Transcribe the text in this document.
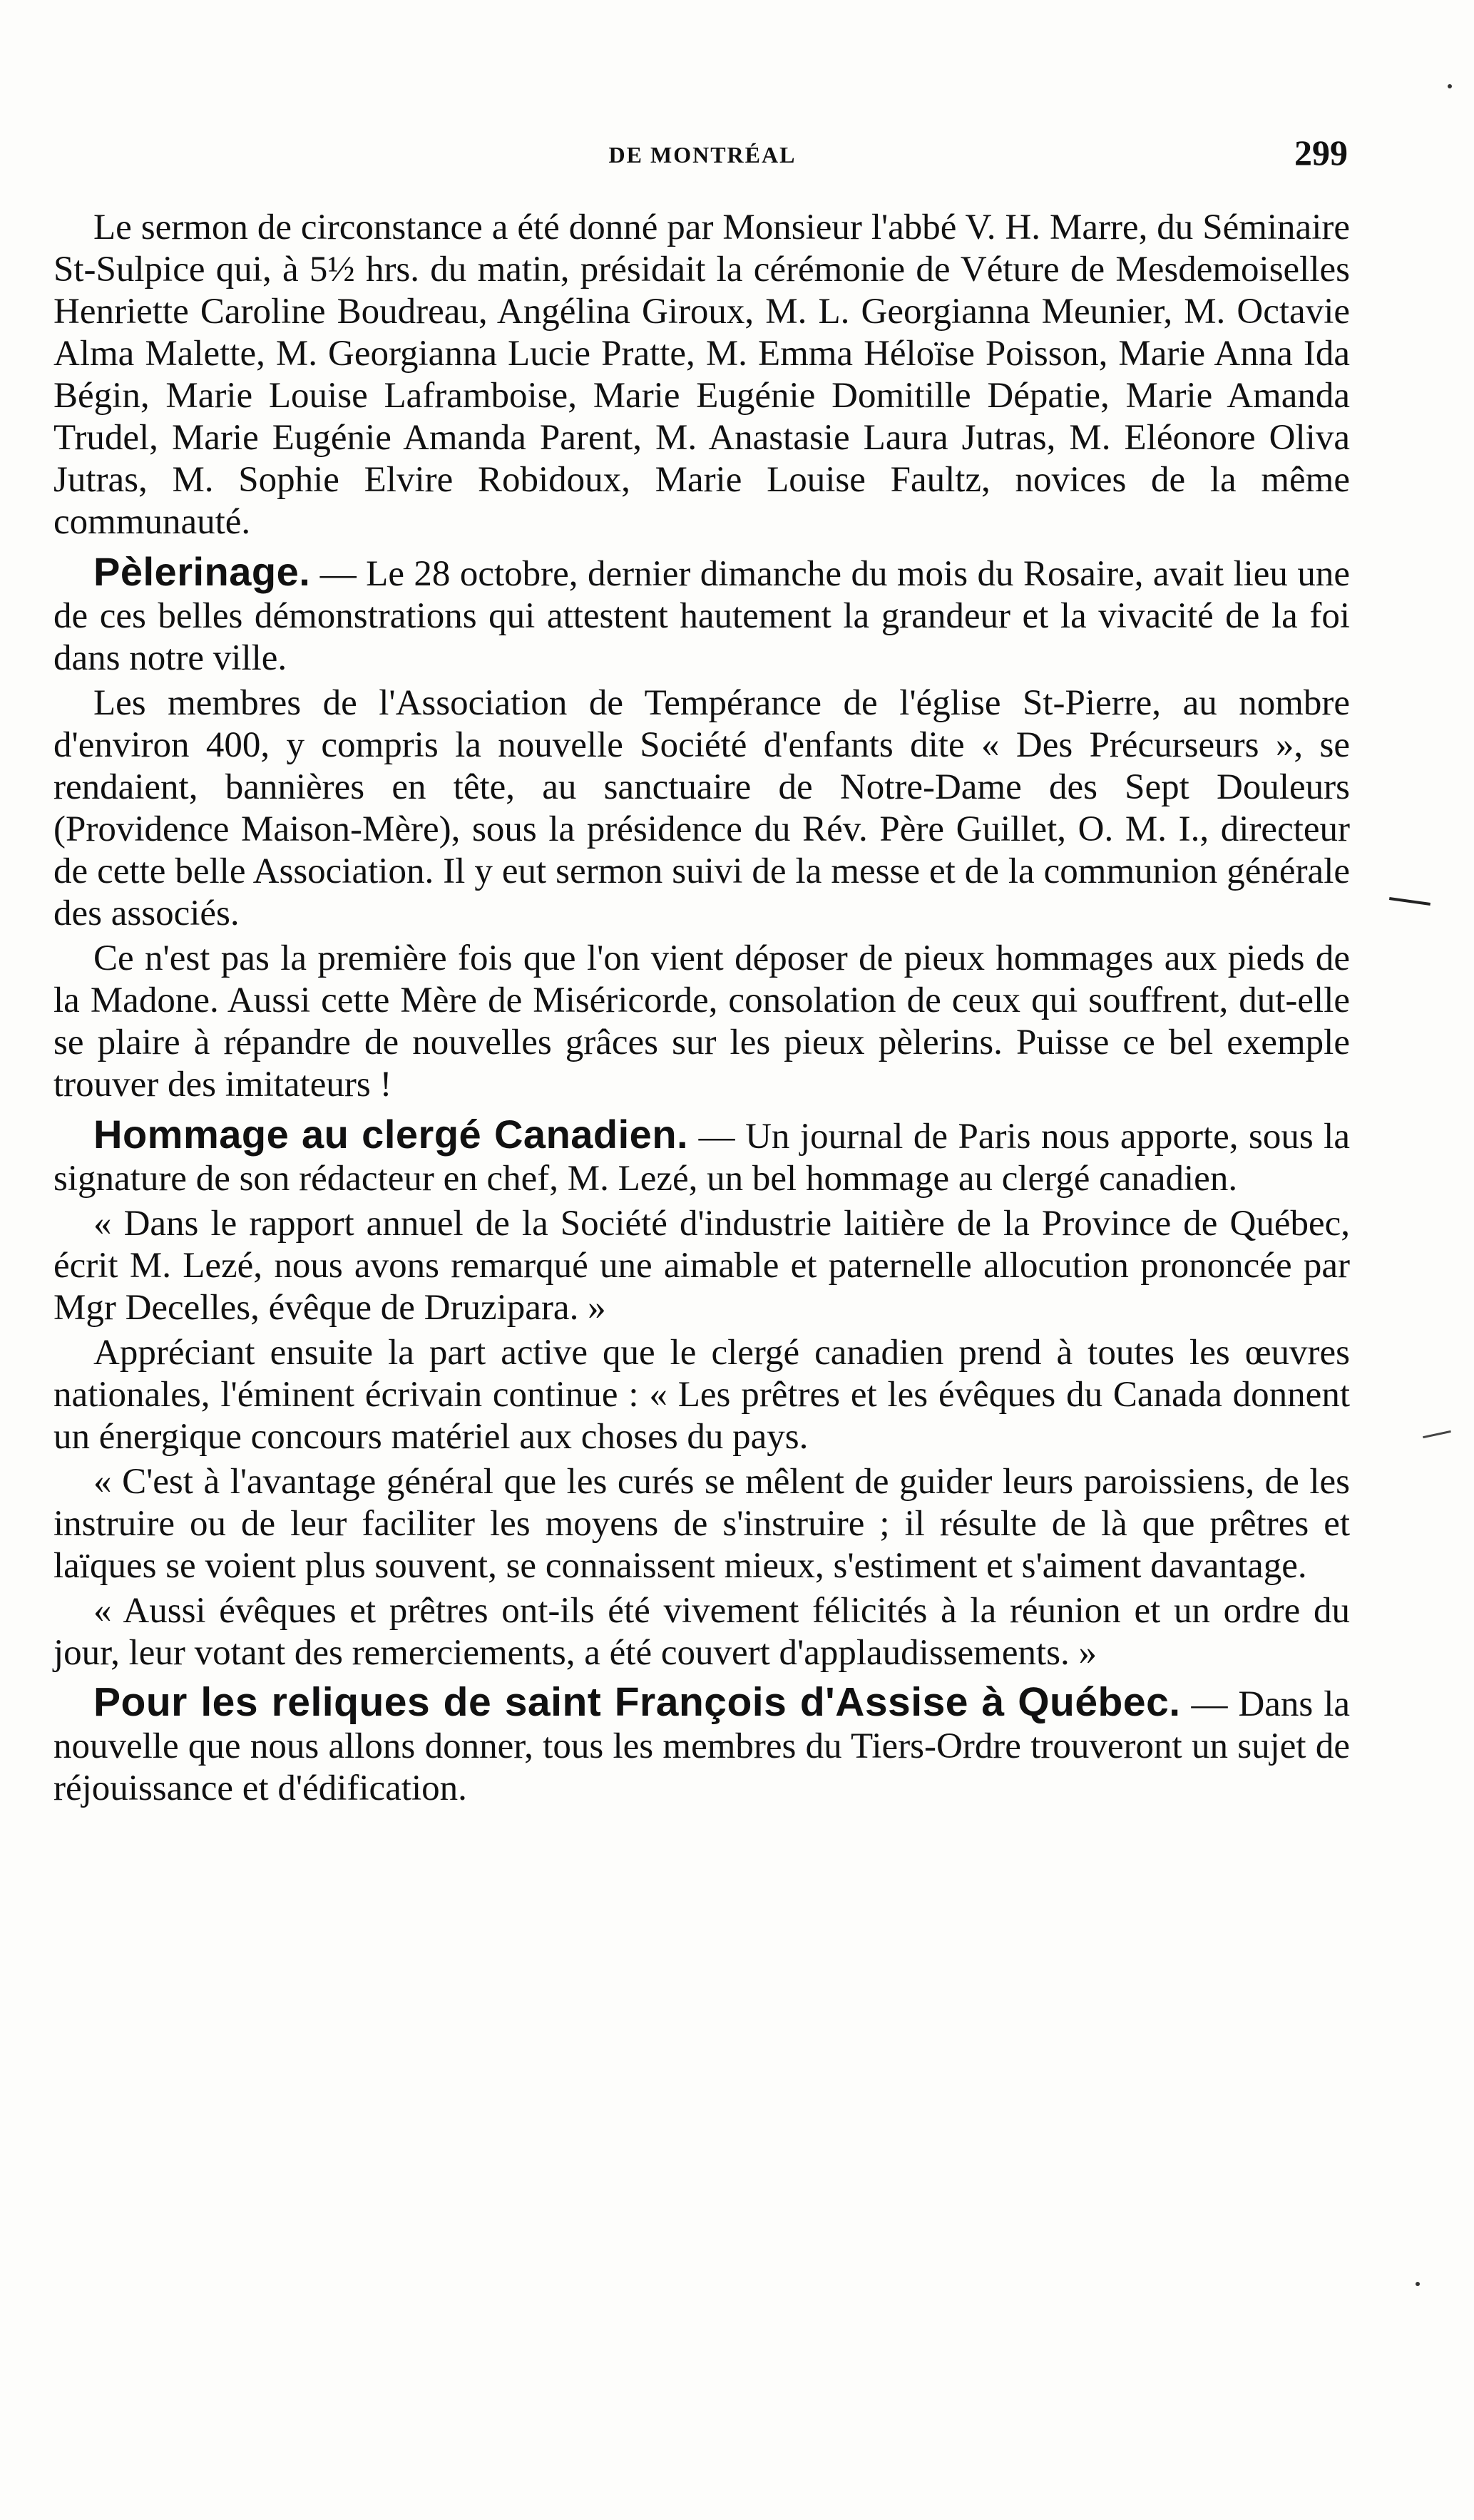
DE MONTRÉAL	299

Le sermon de circonstance a été donné par Monsieur l'abbé V. H. Marre, du Séminaire St-Sulpice qui, à 5½ hrs. du matin, présidait la cérémonie de Véture de Mesdemoiselles Henriette Caroline Boudreau, Angélina Giroux, M. L. Georgianna Meunier, M. Octavie Alma Malette, M. Georgianna Lucie Pratte, M. Emma Héloïse Poisson, Marie Anna Ida Bégin, Marie Louise Laframboise, Marie Eugénie Domitille Dépatie, Marie Amanda Trudel, Marie Eugénie Amanda Parent, M. Anastasie Laura Jutras, M. Eléonore Oliva Jutras, M. Sophie Elvire Robidoux, Marie Louise Faultz, novices de la même communauté.

Pèlerinage. — Le 28 octobre, dernier dimanche du mois du Rosaire, avait lieu une de ces belles démonstrations qui attestent hautement la grandeur et la vivacité de la foi dans notre ville.

Les membres de l'Association de Tempérance de l'église St-Pierre, au nombre d'environ 400, y compris la nouvelle Société d'enfants dite « Des Précurseurs », se rendaient, bannières en tête, au sanctuaire de Notre-Dame des Sept Douleurs (Providence Maison-Mère), sous la présidence du Rév. Père Guillet, O. M. I., directeur de cette belle Association. Il y eut sermon suivi de la messe et de la communion générale des associés.

Ce n'est pas la première fois que l'on vient déposer de pieux hommages aux pieds de la Madone. Aussi cette Mère de Miséricorde, consolation de ceux qui souffrent, dut-elle se plaire à répandre de nouvelles grâces sur les pieux pèlerins. Puisse ce bel exemple trouver des imitateurs !

Hommage au clergé Canadien. — Un journal de Paris nous apporte, sous la signature de son rédacteur en chef, M. Lezé, un bel hommage au clergé canadien.

« Dans le rapport annuel de la Société d'industrie laitière de la Province de Québec, écrit M. Lezé, nous avons remarqué une aimable et paternelle allocution prononcée par Mgr Decelles, évêque de Druzipara. »

Appréciant ensuite la part active que le clergé canadien prend à toutes les œuvres nationales, l'éminent écrivain continue : « Les prêtres et les évêques du Canada donnent un énergique concours matériel aux choses du pays.

« C'est à l'avantage général que les curés se mêlent de guider leurs paroissiens, de les instruire ou de leur faciliter les moyens de s'instruire ; il résulte de là que prêtres et laïques se voient plus souvent, se connaissent mieux, s'estiment et s'aiment davantage.

« Aussi évêques et prêtres ont-ils été vivement félicités à la réunion et un ordre du jour, leur votant des remerciements, a été couvert d'applaudissements. »

Pour les reliques de saint François d'Assise à Québec. — Dans la nouvelle que nous allons donner, tous les membres du Tiers-Ordre trouveront un sujet de réjouissance et d'édification.
